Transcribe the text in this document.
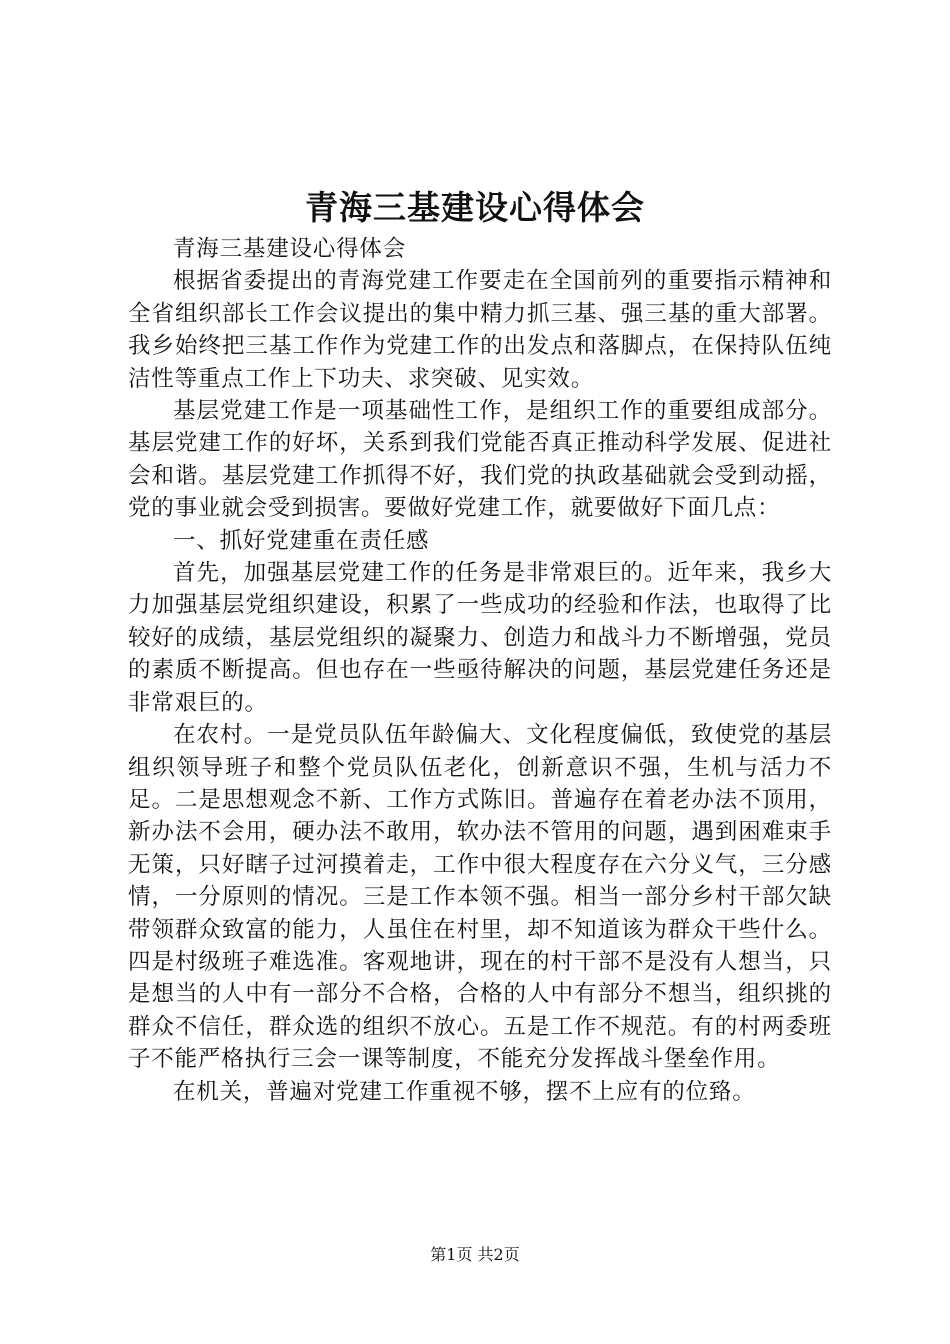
青海三基建设心得体会

青海三基建设心得体会

根据省委提出的青海党建工作要走在全国前列的重要指示精神和全省组织部长工作会议提出的集中精力抓三基、强三基的重大部署。我乡始终把三基工作作为党建工作的出发点和落脚点，在保持队伍纯洁性等重点工作上下功夫、求突破、见实效。

基层党建工作是一项基础性工作，是组织工作的重要组成部分。基层党建工作的好坏，关系到我们党能否真正推动科学发展、促进社会和谐。基层党建工作抓得不好，我们党的执政基础就会受到动摇，党的事业就会受到损害。要做好党建工作，就要做好下面几点：

一、抓好党建重在责任感

首先，加强基层党建工作的任务是非常艰巨的。近年来，我乡大力加强基层党组织建设，积累了一些成功的经验和作法，也取得了比较好的成绩，基层党组织的凝聚力、创造力和战斗力不断增强，党员的素质不断提高。但也存在一些亟待解决的问题，基层党建任务还是非常艰巨的。

在农村。一是党员队伍年龄偏大、文化程度偏低，致使党的基层组织领导班子和整个党员队伍老化，创新意识不强，生机与活力不足。二是思想观念不新、工作方式陈旧。普遍存在着老办法不顶用，新办法不会用，硬办法不敢用，软办法不管用的问题，遇到困难束手无策，只好瞎子过河摸着走，工作中很大程度存在六分义气，三分感情，一分原则的情况。三是工作本领不强。相当一部分乡村干部欠缺带领群众致富的能力，人虽住在村里，却不知道该为群众干些什么。四是村级班子难选准。客观地讲，现在的村干部不是没有人想当，只是想当的人中有一部分不合格，合格的人中有部分不想当，组织挑的群众不信任，群众选的组织不放心。五是工作不规范。有的村两委班子不能严格执行三会一课等制度，不能充分发挥战斗堡垒作用。

在机关，普遍对党建工作重视不够，摆不上应有的位臵。

第1页 共2页
